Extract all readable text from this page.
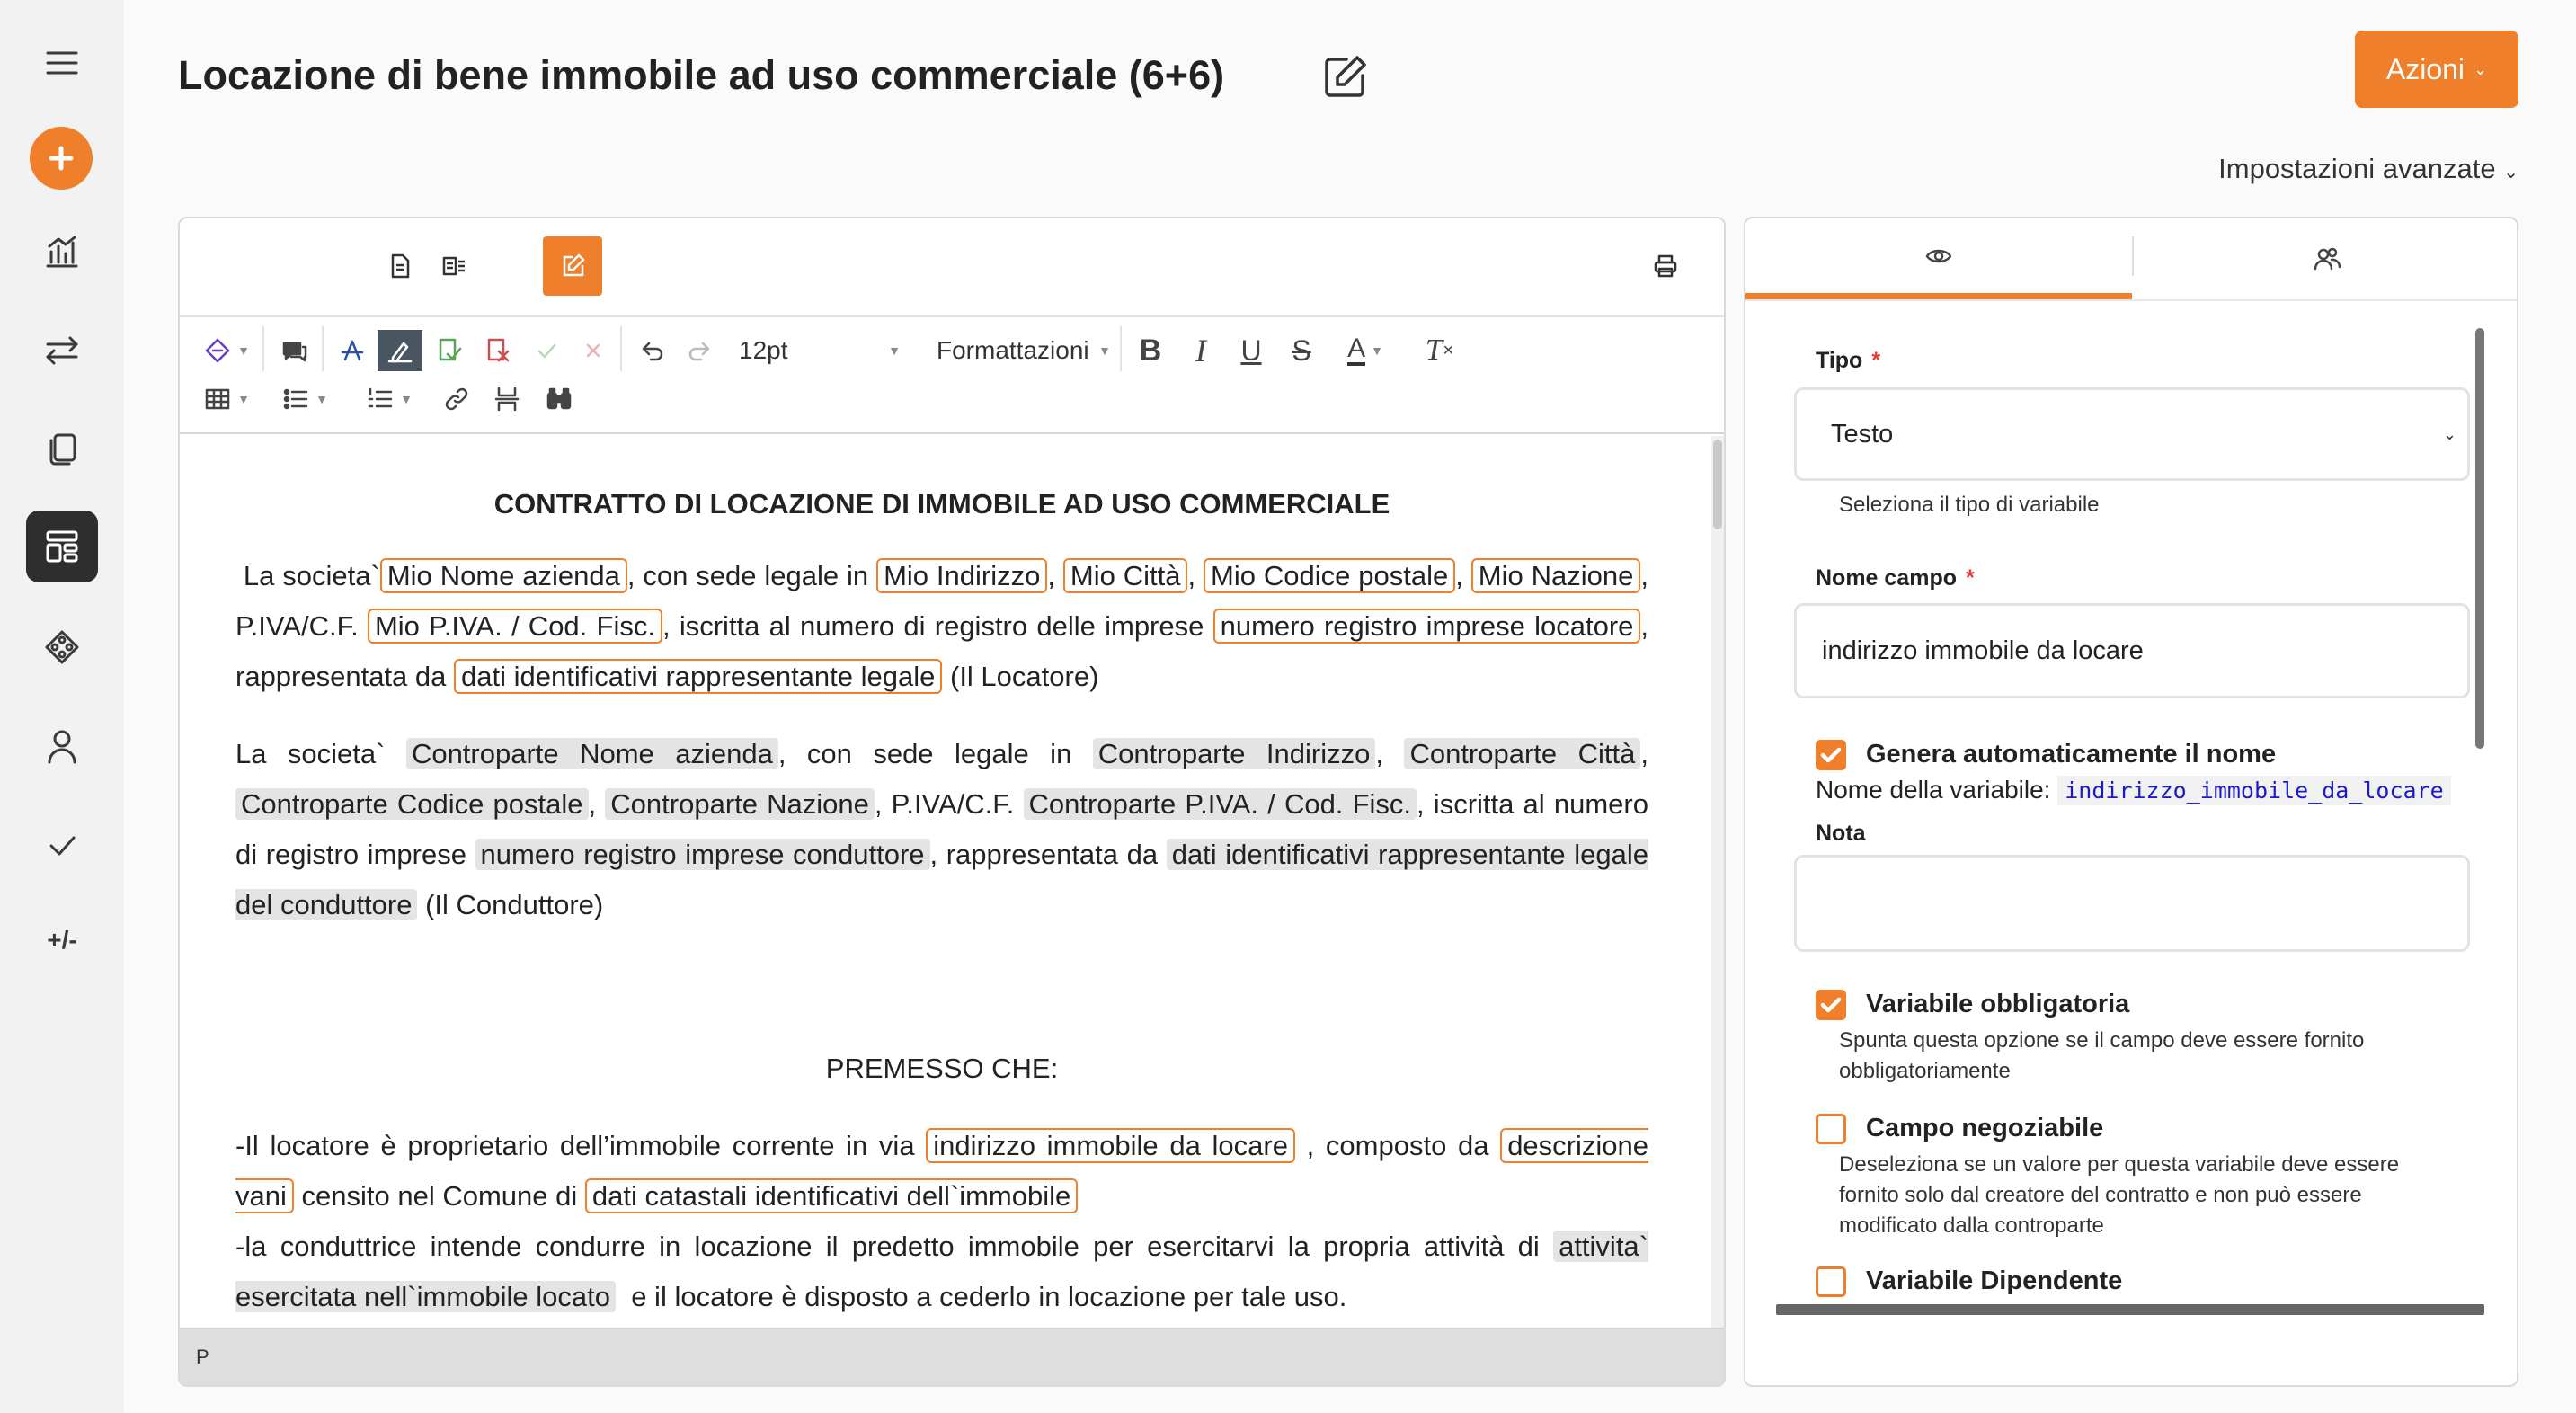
+/-
Locazione di bene immobile ad uso commerciale (6+6)	Azioni ⌄
Impostazioni avanzate ⌄
▼	12pt	▼ Formattazioni ▼ B	I	U	S	A ▼ T ✕
▼	▼	▼
CONTRATTO DI LOCAZIONE DI IMMOBILE AD USO COMMERCIALE

La societa` Mio Nome azienda , con sede legale in Mio Indirizzo , Mio Città , Mio Codice postale , Mio Nazione , P.IVA/C.F. Mio P.IVA. / Cod. Fisc. , iscritta al numero di registro delle imprese numero registro imprese locatore , rappresentata da dati identificativi rappresentante legale (Il Locatore)

La societa` Controparte Nome azienda , con sede legale in Controparte Indirizzo , Controparte Città , Controparte Codice postale , Controparte Nazione , P.IVA/C.F. Controparte P.IVA. / Cod. Fisc. , iscritta al numero di registro imprese numero registro imprese conduttore , rappresentata da dati identificativi rappresentante legale del conduttore (Il Conduttore)

PREMESSO CHE:

-Il locatore è proprietario dell’immobile corrente in via indirizzo immobile da locare , composto da descrizione vani censito nel Comune di dati catastali identificativi dell`immobile

-la conduttrice intende condurre in locazione il predetto immobile per esercitarvi la propria attività di attivita` esercitata nell`immobile locato e il locatore è disposto a cederlo in locazione per tale uso.

P
Tipo *
Testo	⌄
Seleziona il tipo di variabile
Nome campo *
indirizzo immobile da locare
Genera automaticamente il nome
Nome della variabile: indirizzo_immobile_da_locare
Nota
Variabile obbligatoria
Spunta questa opzione se il campo deve essere fornito obbligatoriamente
Campo negoziabile
Deseleziona se un valore per questa variabile deve essere fornito solo dal creatore del contratto e non può essere modificato dalla controparte
Variabile Dipendente
